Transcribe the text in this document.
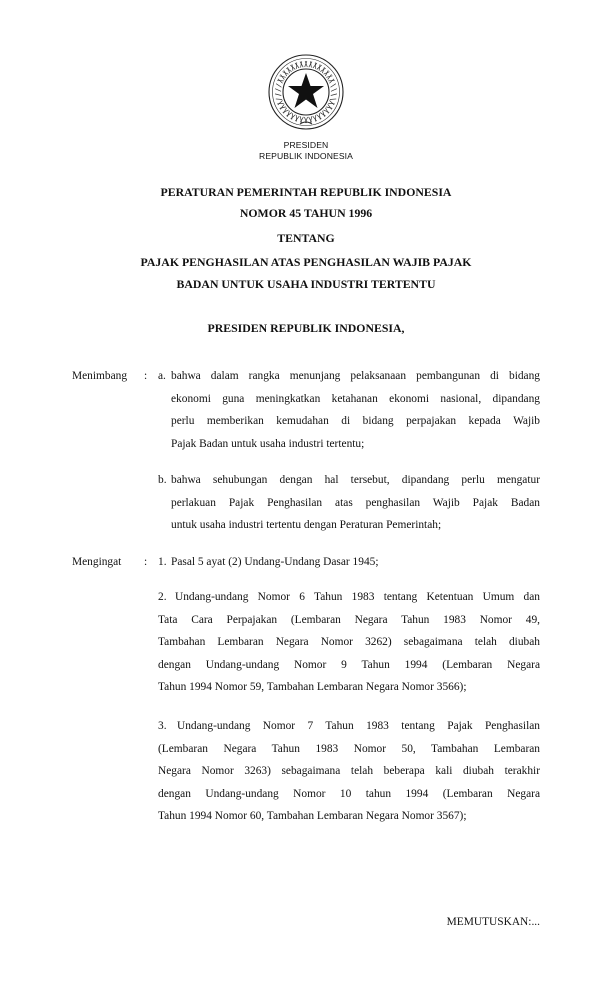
PRESIDEN
REPUBLIK INDONESIA
PERATURAN PEMERINTAH REPUBLIK INDONESIA
NOMOR 45 TAHUN 1996
TENTANG
PAJAK PENGHASILAN ATAS PENGHASILAN WAJIB PAJAK
BADAN UNTUK USAHA INDUSTRI TERTENTU
PRESIDEN REPUBLIK INDONESIA,
Menimbang : a. bahwa dalam rangka menunjang pelaksanaan pembangunan di bidang
ekonomi guna meningkatkan ketahanan ekonomi nasional, dipandang
perlu memberikan kemudahan di bidang perpajakan kepada Wajib
Pajak Badan untuk usaha industri tertentu;
b. bahwa sehubungan dengan hal tersebut, dipandang perlu mengatur
perlakuan Pajak Penghasilan atas penghasilan Wajib Pajak Badan
untuk usaha industri tertentu dengan Peraturan Pemerintah;
Mengingat : 1. Pasal 5 ayat (2) Undang-Undang Dasar 1945;
2. Undang-undang Nomor 6 Tahun 1983 tentang Ketentuan Umum dan
Tata Cara Perpajakan (Lembaran Negara Tahun 1983 Nomor 49,
Tambahan Lembaran Negara Nomor 3262) sebagaimana telah diubah
dengan Undang-undang Nomor 9 Tahun 1994 (Lembaran Negara
Tahun 1994 Nomor 59, Tambahan Lembaran Negara Nomor 3566);
3. Undang-undang Nomor 7 Tahun 1983 tentang Pajak Penghasilan
(Lembaran Negara Tahun 1983 Nomor 50, Tambahan Lembaran
Negara Nomor 3263) sebagaimana telah beberapa kali diubah terakhir
dengan Undang-undang Nomor 10 tahun 1994 (Lembaran Negara
Tahun 1994 Nomor 60, Tambahan Lembaran Negara Nomor 3567);
MEMUTUSKAN:...
